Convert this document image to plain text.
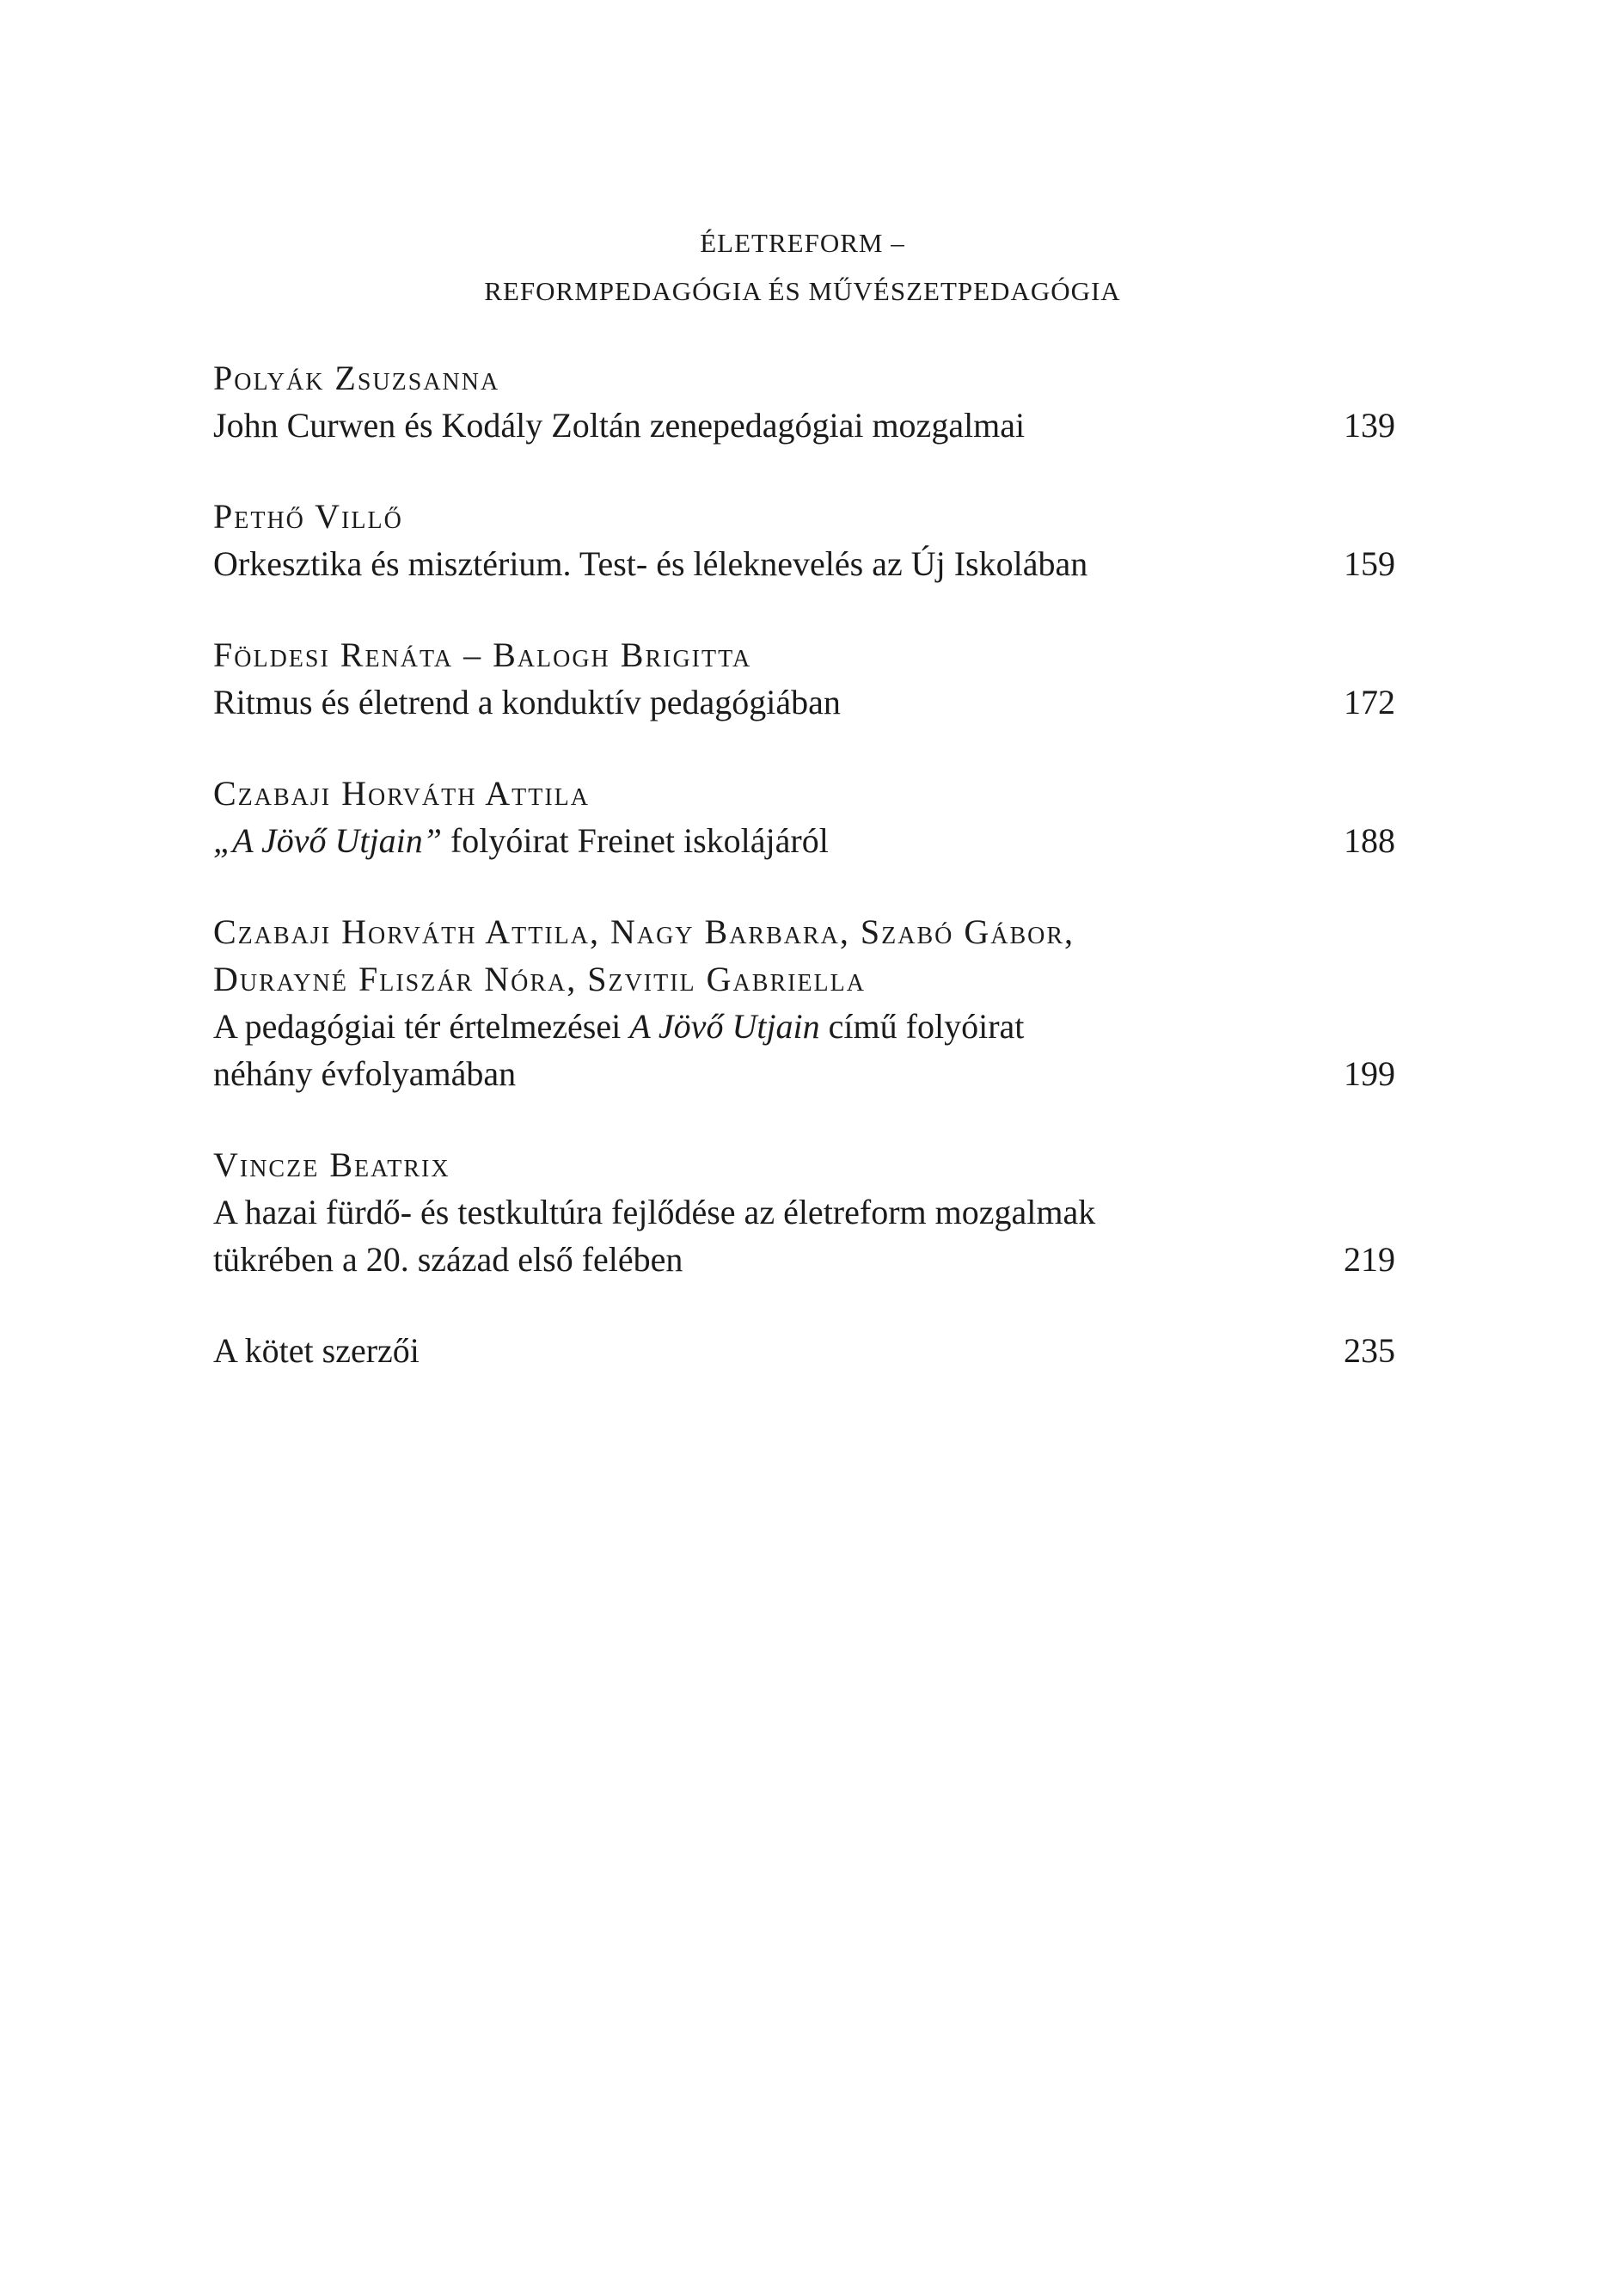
ÉLETREFORM –
REFORMPEDAGÓGIA ÉS MŰVÉSZETPEDAGÓGIA
Polyák Zsuzsanna
John Curwen és Kodály Zoltán zenepedagógiai mozgalmai	139
Pethő Villő
Orkesztika és misztérium. Test- és léleknevelés az Új Iskolában	159
Földesi Renáta – Balogh Brigitta
Ritmus és életrend a konduktív pedagógiában	172
Czabaji Horváth Attila
„A Jövő Utjain” folyóirat Freinet iskolájáról	188
Czabaji Horváth Attila, Nagy Barbara, Szabó Gábor,
Durayné Fliszár Nóra, Szvitil Gabriella
A pedagógiai tér értelmezései A Jövő Utjain című folyóirat
néhány évfolyamában	199
Vincze Beatrix
A hazai fürdő- és testkultúra fejlődése az életreform mozgalmak
tükrében a 20. század első felében	219
A kötet szerzői	235
